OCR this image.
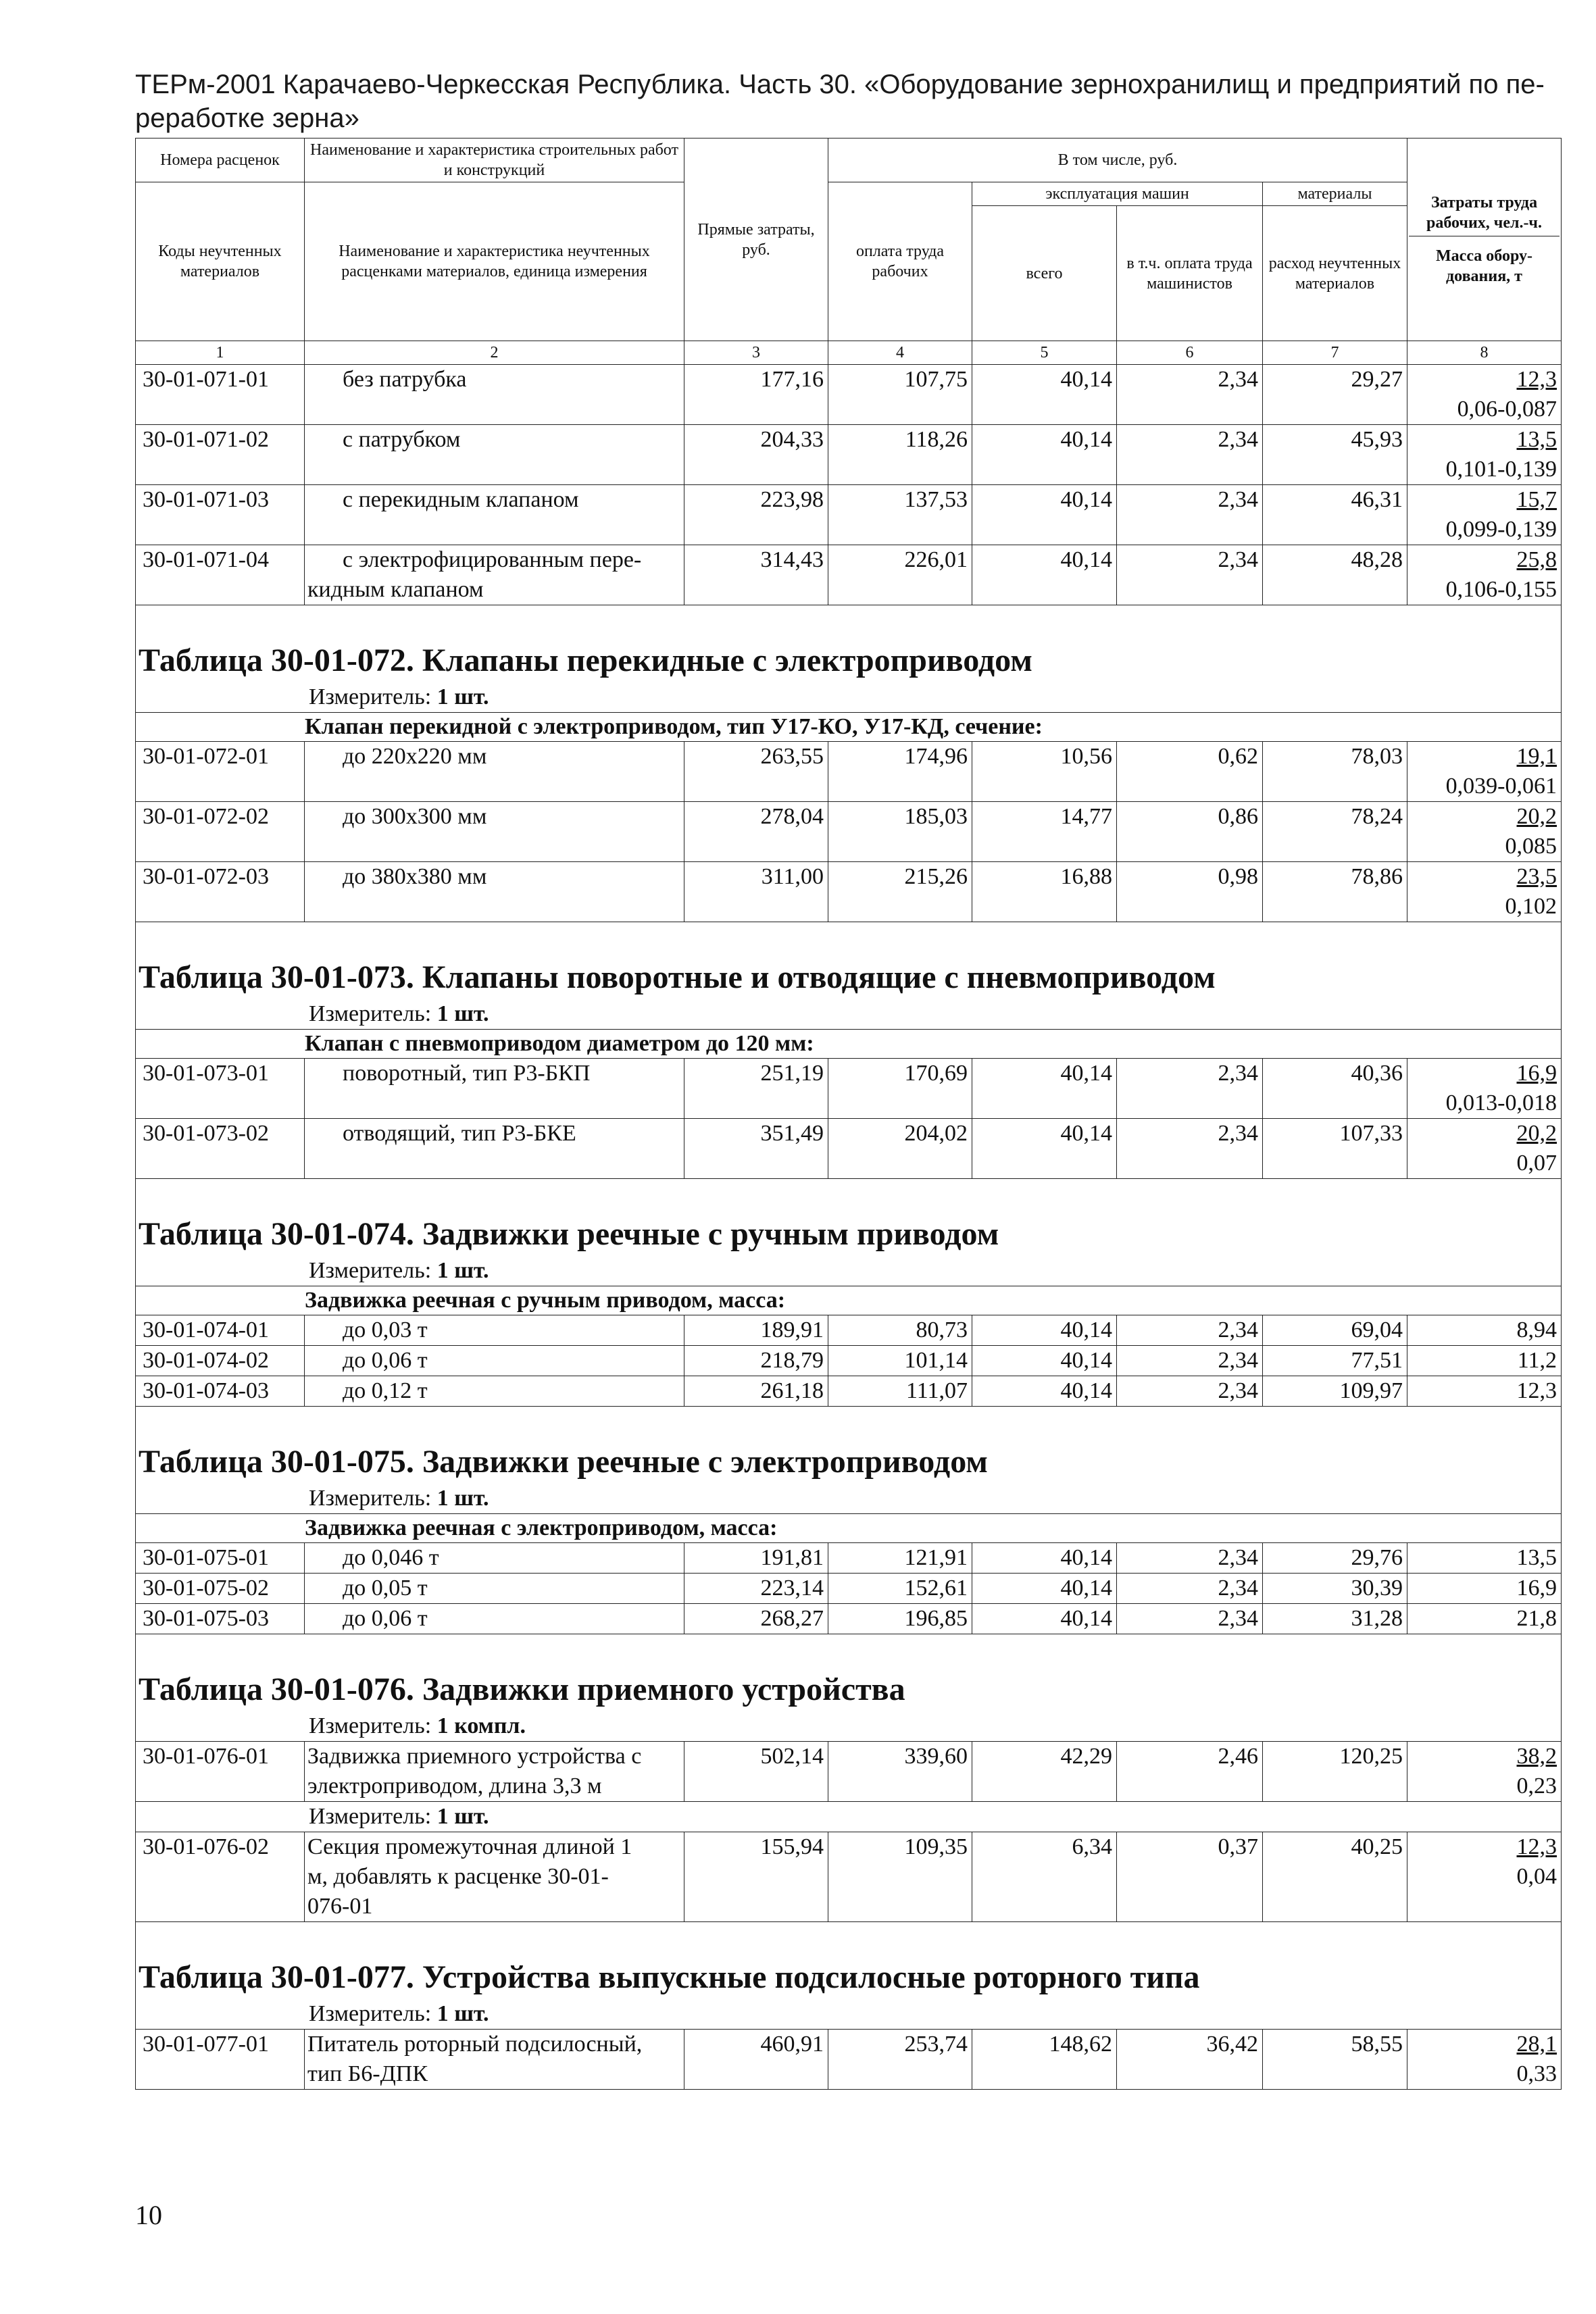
ТЕРм-2001 Карачаево-Черкесская Республика. Часть 30. «Оборудование зернохранилищ и предприятий по пе-
реработке зерна»
Номера расценок	Наименование и характеристика строительных работ и конструкций	Прямые затраты, руб.	В том числе, руб.				Затраты труда рабочих, чел.-ч.
Масса обору-дования, т

Коды неучтенных материалов	Наименование и характеристика неучтенных расценками материалов, единица измерения		оплата труда рабочих	эксплуатация машин		материалы	
				всего	в т.ч. оплата труда машинистов	расход неучтенных материалов	
1	2	3	4	5	6	7	8
30-01-071-01	без патрубка	177,16	107,75	40,14	2,34	29,27	12,3
0,06-0,087

30-01-071-02	с патрубком	204,33	118,26	40,14	2,34	45,93	13,5
0,101-0,139

30-01-071-03	с перекидным клапаном	223,98	137,53	40,14	2,34	46,31	15,7
0,099-0,139

30-01-071-04	с электрофицированным пере-
кидным клапаном	314,43	226,01	40,14	2,34	48,28	25,8
0,106-0,155

Таблица 30-01-072. Клапаны перекидные с электроприводом							
Измеритель: 1 шт.							
Клапан перекидной с электроприводом, тип У17-КО, У17-КД, сечение:							
30-01-072-01	до 220х220 мм	263,55	174,96	10,56	0,62	78,03	19,1
0,039-0,061

30-01-072-02	до 300х300 мм	278,04	185,03	14,77	0,86	78,24	20,2
0,085

30-01-072-03	до 380х380 мм	311,00	215,26	16,88	0,98	78,86	23,5
0,102

Таблица 30-01-073. Клапаны поворотные и отводящие с пневмоприводом							
Измеритель: 1 шт.							
Клапан с пневмоприводом диаметром до 120 мм:							
30-01-073-01	поворотный, тип Р3-БКП	251,19	170,69	40,14	2,34	40,36	16,9
0,013-0,018

30-01-073-02	отводящий, тип Р3-БКЕ	351,49	204,02	40,14	2,34	107,33	20,2
0,07

Таблица 30-01-074. Задвижки реечные с ручным приводом							
Измеритель: 1 шт.							
Задвижка реечная с ручным приводом, масса:							
30-01-074-01	до 0,03 т	189,91	80,73	40,14	2,34	69,04	8,94
30-01-074-02	до 0,06 т	218,79	101,14	40,14	2,34	77,51	11,2
30-01-074-03	до 0,12 т	261,18	111,07	40,14	2,34	109,97	12,3

Таблица 30-01-075. Задвижки реечные с электроприводом							
Измеритель: 1 шт.							
Задвижка реечная с электроприводом, масса:							
30-01-075-01	до 0,046 т	191,81	121,91	40,14	2,34	29,76	13,5
30-01-075-02	до 0,05 т	223,14	152,61	40,14	2,34	30,39	16,9
30-01-075-03	до 0,06 т	268,27	196,85	40,14	2,34	31,28	21,8

Таблица 30-01-076. Задвижки приемного устройства							
Измеритель: 1 компл.							
30-01-076-01	Задвижка приемного устройства с
электроприводом, длина 3,3 м	502,14	339,60	42,29	2,46	120,25	38,2
0,23

Измеритель: 1 шт.							
30-01-076-02	Секция промежуточная длиной 1
м, добавлять к расценке 30-01-
076-01	155,94	109,35	6,34	0,37	40,25	12,3
0,04

Таблица 30-01-077. Устройства выпускные подсилосные роторного типа							
Измеритель: 1 шт.							
30-01-077-01	Питатель роторный подсилосный,
тип Б6-ДПК	460,91	253,74	148,62	36,42	58,55	28,1
0,33
10
